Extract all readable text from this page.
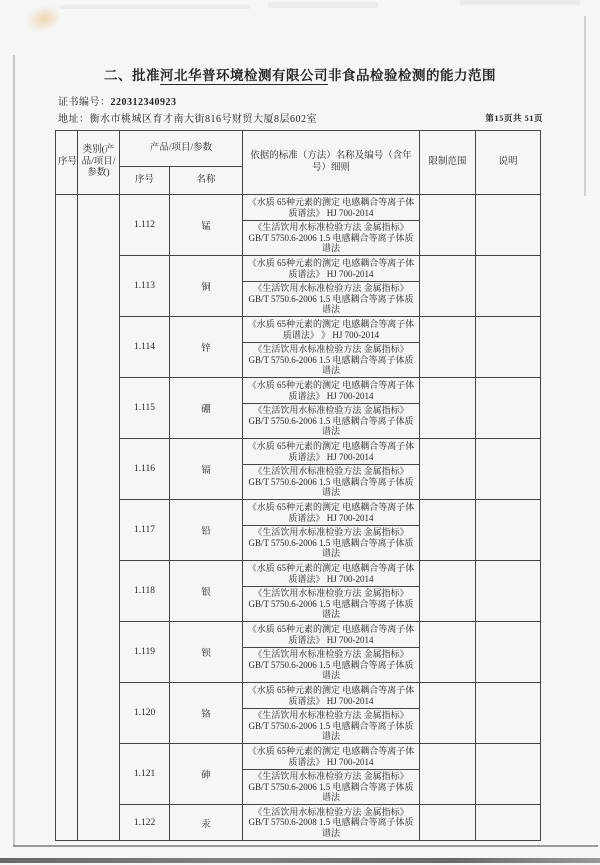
二、批准河北华普环境检测有限公司非食品检验检测的能力范围
证书编号：220312340923
地址：衡水市桃城区育才南大街816号财贸大厦8层602室	第15页共 51页
序号	类别(产品/项目/参数)	产品/项目/参数		依据的标准（方法）名称及编号（含年号）细则	限制范围	说明
		序号	名称			
		1.112	锰	《水质 65种元素的测定 电感耦合等离子体质谱法》 HJ 700-2014		
				《生活饮用水标准检验方法 金属指标》GB/T 5750.6-2006 1.5 电感耦合等离子体质谱法		
		1.113	铜	《水质 65种元素的测定 电感耦合等离子体质谱法》 HJ 700-2014		
				《生活饮用水标准检验方法 金属指标》GB/T 5750.6-2006 1.5 电感耦合等离子体质谱法		
		1.114	锌	《水质 65种元素的测定 电感耦合等离子体质谱法》 》 HJ 700-2014		
				《生活饮用水标准检验方法 金属指标》GB/T 5750.6-2006 1.5 电感耦合等离子体质谱法		
		1.115	硼	《水质 65种元素的测定 电感耦合等离子体质谱法》 HJ 700-2014		
				《生活饮用水标准检验方法 金属指标》GB/T 5750.6-2006 1.5 电感耦合等离子体质谱法		
		1.116	镉	《水质 65种元素的测定 电感耦合等离子体质谱法》 HJ 700-2014		
				《生活饮用水标准检验方法 金属指标》GB/T 5750.6-2006 1.5 电感耦合等离子体质谱法		
		1.117	铅	《水质 65种元素的测定 电感耦合等离子体质谱法》 HJ 700-2014		
				《生活饮用水标准检验方法 金属指标》GB/T 5750.6-2006 1.5 电感耦合等离子体质谱法		
		1.118	银	《水质 65种元素的测定 电感耦合等离子体质谱法》 HJ 700-2014		
				《生活饮用水标准检验方法 金属指标》GB/T 5750.6-2006 1.5 电感耦合等离子体质谱法		
		1.119	钡	《水质 65种元素的测定 电感耦合等离子体质谱法》 HJ 700-2014		
				《生活饮用水标准检验方法 金属指标》GB/T 5750.6-2006 1.5 电感耦合等离子体质谱法		
		1.120	铬	《水质 65种元素的测定 电感耦合等离子体质谱法》 HJ 700-2014		
				《生活饮用水标准检验方法 金属指标》GB/T 5750.6-2006 1.5 电感耦合等离子体质谱法		
		1.121	砷	《水质 65种元素的测定 电感耦合等离子体质谱法》 HJ 700-2014		
				《生活饮用水标准检验方法 金属指标》GB/T 5750.6-2006 1.5 电感耦合等离子体质谱法		
		1.122	汞	《生活饮用水标准检验方法 金属指标》GB/T 5750.6-2008 1.5 电感耦合等离子体质谱法		
